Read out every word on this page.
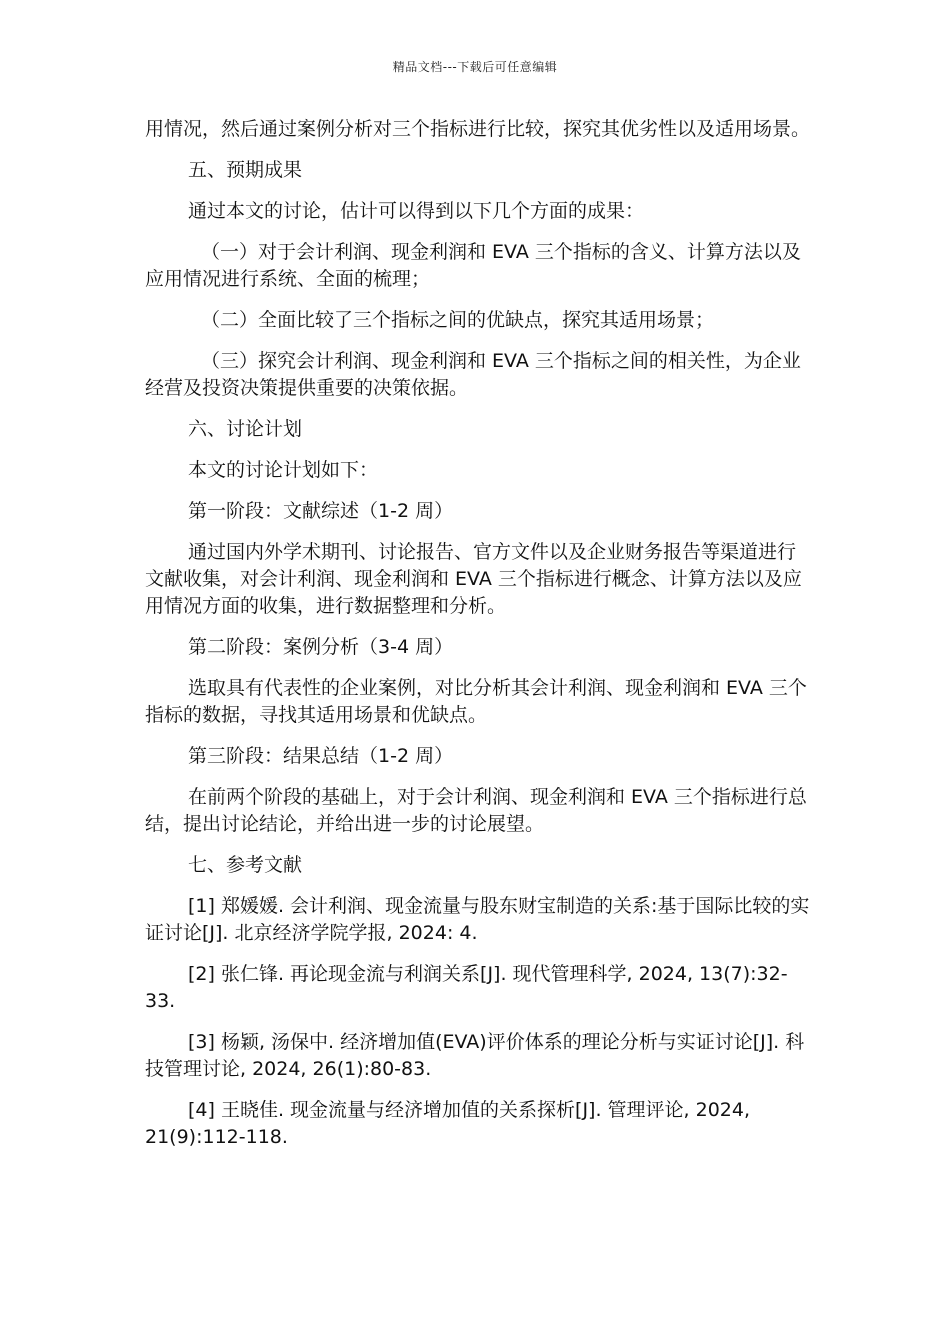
精品文档---下载后可任意编辑

用情况，然后通过案例分析对三个指标进行比较，探究其优劣性以及适用场景。

五、预期成果

通过本文的讨论，估计可以得到以下几个方面的成果：

（一）对于会计利润、现金利润和 EVA 三个指标的含义、计算方法以及应用情况进行系统、全面的梳理；

（二）全面比较了三个指标之间的优缺点，探究其适用场景；

（三）探究会计利润、现金利润和 EVA 三个指标之间的相关性，为企业经营及投资决策提供重要的决策依据。

六、讨论计划

本文的讨论计划如下：

第一阶段：文献综述（1-2 周）

通过国内外学术期刊、讨论报告、官方文件以及企业财务报告等渠道进行文献收集，对会计利润、现金利润和 EVA 三个指标进行概念、计算方法以及应用情况方面的收集，进行数据整理和分析。

第二阶段：案例分析（3-4 周）

选取具有代表性的企业案例，对比分析其会计利润、现金利润和 EVA 三个指标的数据，寻找其适用场景和优缺点。

第三阶段：结果总结（1-2 周）

在前两个阶段的基础上，对于会计利润、现金利润和 EVA 三个指标进行总结，提出讨论结论，并给出进一步的讨论展望。

七、参考文献

[1] 郑媛媛. 会计利润、现金流量与股东财宝制造的关系:基于国际比较的实证讨论[J]. 北京经济学院学报, 2024: 4.

[2] 张仁锋. 再论现金流与利润关系[J]. 现代管理科学, 2024, 13(7):32-33.

[3] 杨颖, 汤保中. 经济增加值(EVA)评价体系的理论分析与实证讨论[J]. 科技管理讨论, 2024, 26(1):80-83.

[4] 王晓佳. 现金流量与经济增加值的关系探析[J]. 管理评论, 2024, 21(9):112-118.
